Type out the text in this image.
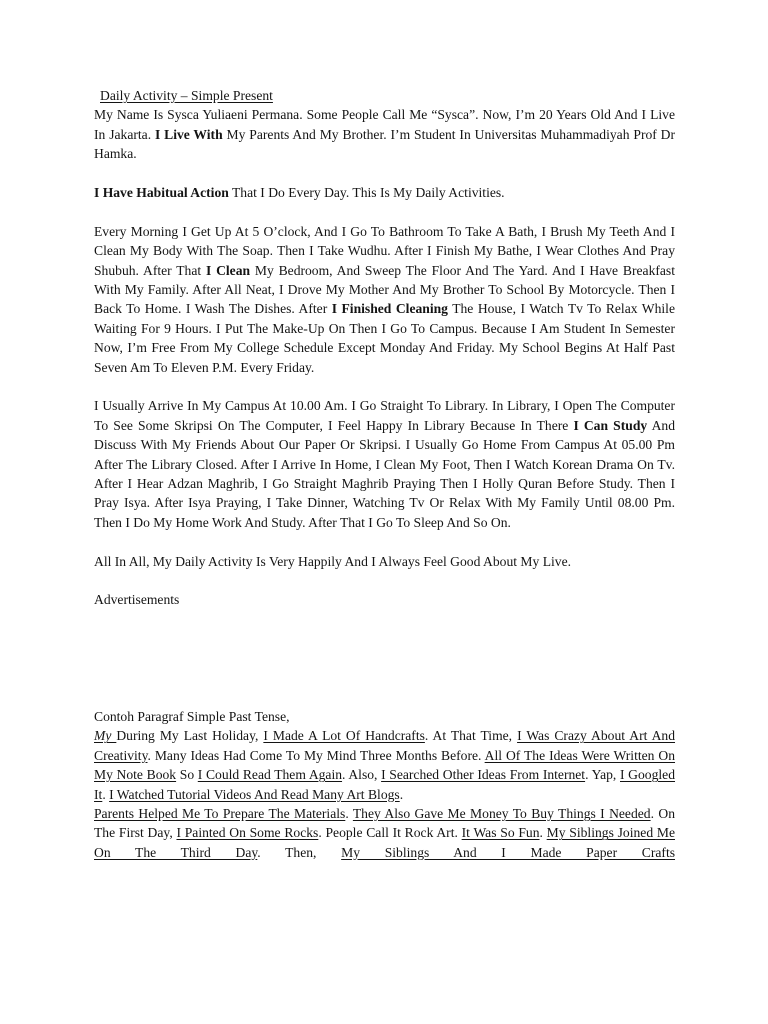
Daily Activity – Simple Present

My Name Is Sysca Yuliaeni Permana. Some People Call Me “Sysca”. Now, I’m 20 Years Old And I Live In Jakarta. I Live With My Parents And My Brother. I’m Student In Universitas Muhammadiyah Prof Dr Hamka.

I Have Habitual Action That I Do Every Day. This Is My Daily Activities.

Every Morning I Get Up At 5 O’clock, And I Go To Bathroom To Take A Bath, I Brush My Teeth And I Clean My Body With The Soap. Then I Take Wudhu. After I Finish My Bathe, I Wear Clothes And Pray Shubuh. After That I Clean My Bedroom, And Sweep The Floor And The Yard. And I Have Breakfast With My Family. After All Neat, I Drove My Mother And My Brother To School By Motorcycle. Then I Back To Home. I Wash The Dishes. After I Finished Cleaning The House, I Watch Tv To Relax While Waiting For 9 Hours. I Put The Make-Up On Then I Go To Campus. Because I Am Student In Semester Now, I’m Free From My College Schedule Except Monday And Friday. My School Begins At Half Past Seven Am To Eleven P.M. Every Friday.

I Usually Arrive In My Campus At 10.00 Am. I Go Straight To Library. In Library, I Open The Computer To See Some Skripsi On The Computer, I Feel Happy In Library Because In There I Can Study And Discuss With My Friends About Our Paper Or Skripsi. I Usually Go Home From Campus At 05.00 Pm After The Library Closed. After I Arrive In Home, I Clean My Foot, Then I Watch Korean Drama On Tv. After I Hear Adzan Maghrib, I Go Straight Maghrib Praying Then I Holly Quran Before Study. Then I Pray Isya. After Isya Praying, I Take Dinner, Watching Tv Or Relax With My Family Until 08.00 Pm. Then I Do My Home Work And Study. After That I Go To Sleep And So On.

All In All, My Daily Activity Is Very Happily And I Always Feel Good About My Live.

Advertisements

Contoh Paragraf Simple Past Tense,

My During My Last Holiday, I Made A Lot Of Handcrafts. At That Time, I Was Crazy About Art And Creativity. Many Ideas Had Come To My Mind Three Months Before. All Of The Ideas Were Written On My Note Book So I Could Read Them Again. Also, I Searched Other Ideas From Internet. Yap, I Googled It. I Watched Tutorial Videos And Read Many Art Blogs.

Parents Helped Me To Prepare The Materials. They Also Gave Me Money To Buy Things I Needed. On The First Day, I Painted On Some Rocks. People Call It Rock Art. It Was So Fun. My Siblings Joined Me On The Third Day. Then, My Siblings And I Made Paper Crafts
